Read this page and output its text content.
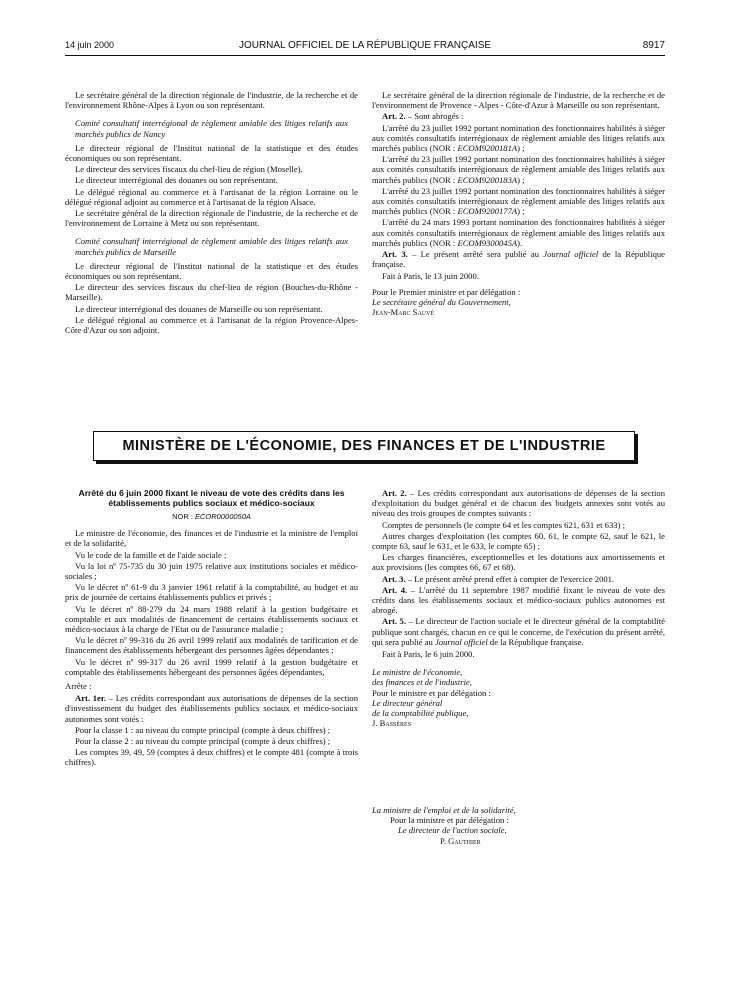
14 juin 2000	JOURNAL OFFICIEL DE LA RÉPUBLIQUE FRANÇAISE	8917

Le secrétaire général de la direction régionale de l'industrie, de la recherche et de l'environnement Rhône-Alpes à Lyon ou son représentant.

Comité consultatif interrégional de règlement amiable des litiges relatifs aux marchés publics de Nancy

Le directeur régional de l'Institut national de la statistique et des études économiques ou son représentant.

Le directeur des services fiscaux du chef-lieu de région (Moselle).

Le directeur interrégional des douanes ou son représentant.

Le délégué régional au commerce et à l'artisanat de la région Lorraine ou le délégué régional adjoint au commerce et à l'artisanat de la région Alsace.

Le secrétaire général de la direction régionale de l'industrie, de la recherche et de l'environnement de Lorraine à Metz ou son représentant.

Comité consultatif interrégional de règlement amiable des litiges relatifs aux marchés publics de Marseille

Le directeur régional de l'Institut national de la statistique et des études économiques ou son représentant.

Le directeur des services fiscaux du chef-lieu de région (Bouches-du-Rhône - Marseille).

Le directeur interrégional des douanes de Marseille ou son représentant.

Le délégué régional au commerce et à l'artisanat de la région Provence-Alpes-Côte d'Azur ou son adjoint.

Le secrétaire général de la direction régionale de l'industrie, de la recherche et de l'environnement de Provence - Alpes - Côte-d'Azur à Marseille ou son représentant.

Art. 2. – Sont abrogés :

L'arrêté du 23 juillet 1992 portant nomination des fonctionnaires habilités à siéger aux comités consultatifs interrégionaux de règlement amiable des litiges relatifs aux marchés publics (NOR : ECOM9200181A) ;

L'arrêté du 23 juillet 1992 portant nomination des fonctionnaires habilités à siéger aux comités consultatifs interrégionaux de règlement amiable des litiges relatifs aux marchés publics (NOR : ECOM9200183A) ;

L'arrêté du 23 juillet 1992 portant nomination des fonctionnaires habilités à siéger aux comités consultatifs interrégionaux de règlement amiable des litiges relatifs aux marchés publics (NOR : ECOM9200177A) ;

L'arrêté du 24 mars 1993 portant nomination des fonctionnaires habilités à siéger aux comités consultatifs interrégionaux de règlement amiable des litiges relatifs aux marchés publics (NOR : ECOM9300045A).

Art. 3. – Le présent arrêté sera publié au Journal officiel de la République française.

Fait à Paris, le 13 juin 2000.

Pour le Premier ministre et par délégation :

Le secrétaire général du Gouvernement,

Jean-Marc Sauvé

MINISTÈRE DE L'ÉCONOMIE, DES FINANCES ET DE L'INDUSTRIE
Arrêté du 6 juin 2000 fixant le niveau de vote des crédits dans les établissements publics sociaux et médico-sociaux
NOR : ECOR0000050A

Le ministre de l'économie, des finances et de l'industrie et la ministre de l'emploi et de la solidarité,

Vu le code de la famille et de l'aide sociale ;

Vu la loi nº 75-735 du 30 juin 1975 relative aux institutions sociales et médico-sociales ;

Vu le décret nº 61-9 du 3 janvier 1961 relatif à la comptabilité, au budget et au prix de journée de certains établissements publics et privés ;

Vu le décret nº 88-279 du 24 mars 1988 relatif à la gestion budgétaire et comptable et aux modalités de financement de certains établissements sociaux et médico-sociaux à la charge de l'Etat ou de l'assurance maladie ;

Vu le décret nº 99-316 du 26 avril 1999 relatif aux modalités de tarification et de financement des établissements hébergeant des personnes âgées dépendantes ;

Vu le décret nº 99-317 du 26 avril 1999 relatif à la gestion budgétaire et comptable des établissements hébergeant des personnes âgées dépendantes,

Arrête :

Art. 1er. – Les crédits correspondant aux autorisations de dépenses de la section d'investissement du budget des établissements publics sociaux et médico-sociaux autonomes sont votés :

Pour la classe 1 : au niveau du compte principal (compte à deux chiffres) ;

Pour la classe 2 : au niveau du compte principal (compte à deux chiffres) ;

Les comptes 39, 49, 59 (comptes à deux chiffres) et le compte 481 (compte à trois chiffres).

Art. 2. – Les crédits correspondant aux autorisations de dépenses de la section d'exploitation du budget général et de chacun des budgets annexes sont votés au niveau des trois groupes de comptes suivants :

Comptes de personnels (le compte 64 et les comptes 621, 631 et 633) ;

Autres charges d'exploitation (les comptes 60, 61, le compte 62, sauf le 621, le compte 63, sauf le 631, et le 633, le compte 65) ;

Les charges financières, exceptionnelles et les dotations aux amortissements et aux provisions (les comptes 66, 67 et 68).

Art. 3. – Le présent arrêté prend effet à compter de l'exercice 2001.

Art. 4. – L'arrêté du 11 septembre 1987 modifié fixant le niveau de vote des crédits dans les établissements sociaux et médico-sociaux publics autonomes est abrogé.

Art. 5. – Le directeur de l'action sociale et le directeur général de la comptabilité publique sont chargés, chacun en ce qui le concerne, de l'exécution du présent arrêté, qui sera publié au Journal officiel de la République française.

Fait à Paris, le 6 juin 2000.

Le ministre de l'économie,

des finances et de l'industrie,

Pour le ministre et par délégation :

Le directeur général

de la comptabilité publique,

J. Bassères

La ministre de l'emploi et de la solidarité,
Pour la ministre et par délégation :
Le directeur de l'action sociale,
P. Gauthier
